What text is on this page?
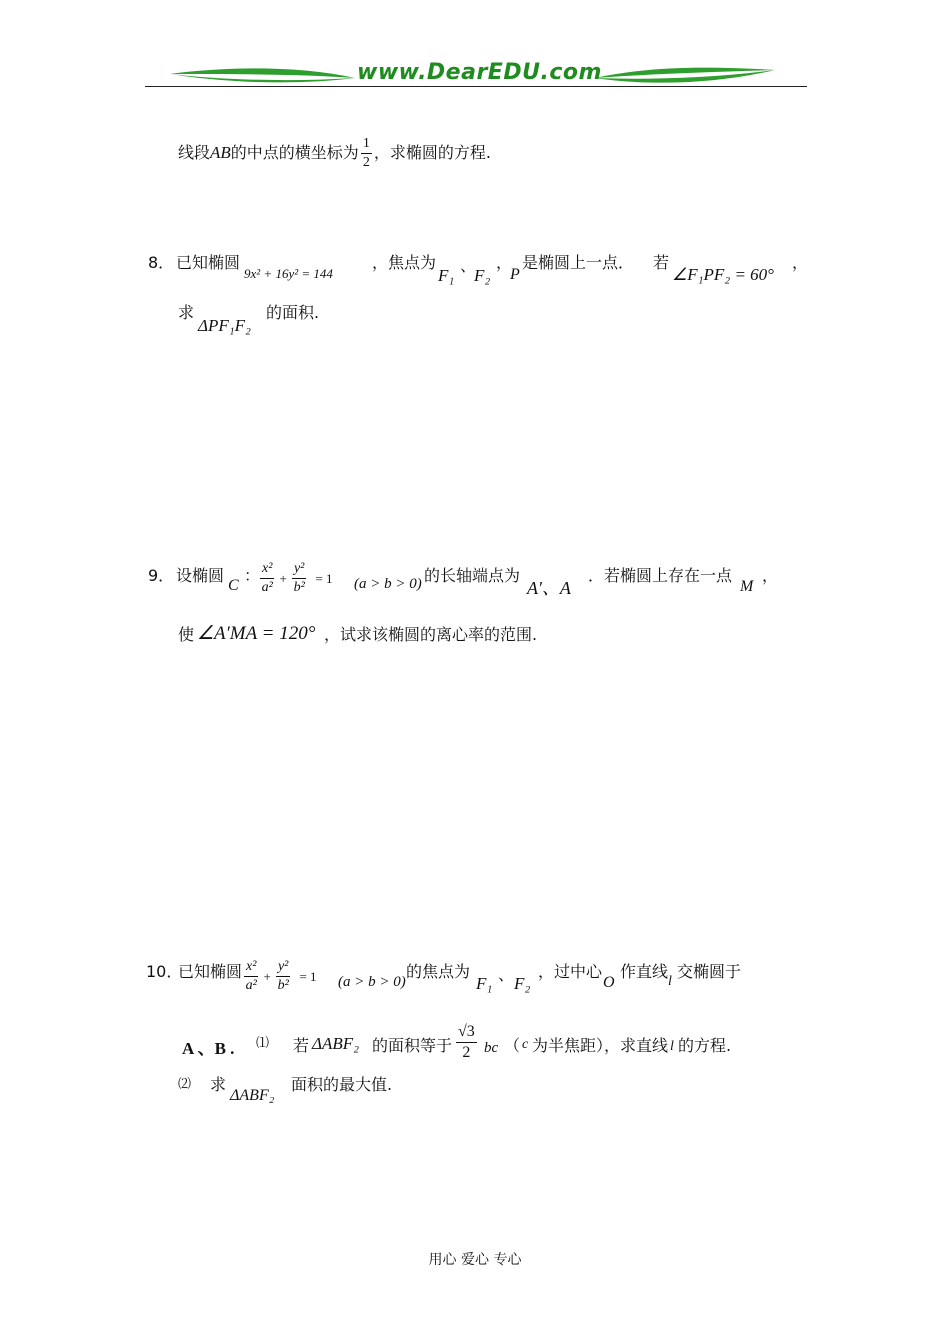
www.DearEDU.com
线段AB的中点的横坐标为 $\frac{1}{2}$ ，求椭圆的方程.
8． 已知椭圆
9x² + 16y² = 144
，焦点为
F₁
、
F₂
，
P
是椭圆上一点． 若
∠F₁PF₂ = 60°
，
求
ΔPF₁F₂
的面积.
9． 设椭圆
C
： $\frac{\text{x²}}{\text{a²}} + \frac{\text{y²}}{\text{b²}} = 1$ (a > b > 0) 的长轴端点为
A′、A
．若椭圆上存在一点
M
，
使 ∠A′MA = 120° ，试求该椭圆的离心率的范围.
10．
已知椭圆 $\frac{\text{x²}}{\text{a²}} + \frac{\text{y²}}{\text{b²}} = 1$ (a > b > 0)
的焦点为
F₁ 、 F₂
，过中心
O
作直线
l
交椭圆于
A 、B . ⑴ 若 ΔABF₂ 的面积等于 $\frac{√3}{2}$ bc （ c 为半焦距），求直线 l 的方程.
⑵ 求
ΔABF₂
面积的最大值.
用心 爱心 专心
